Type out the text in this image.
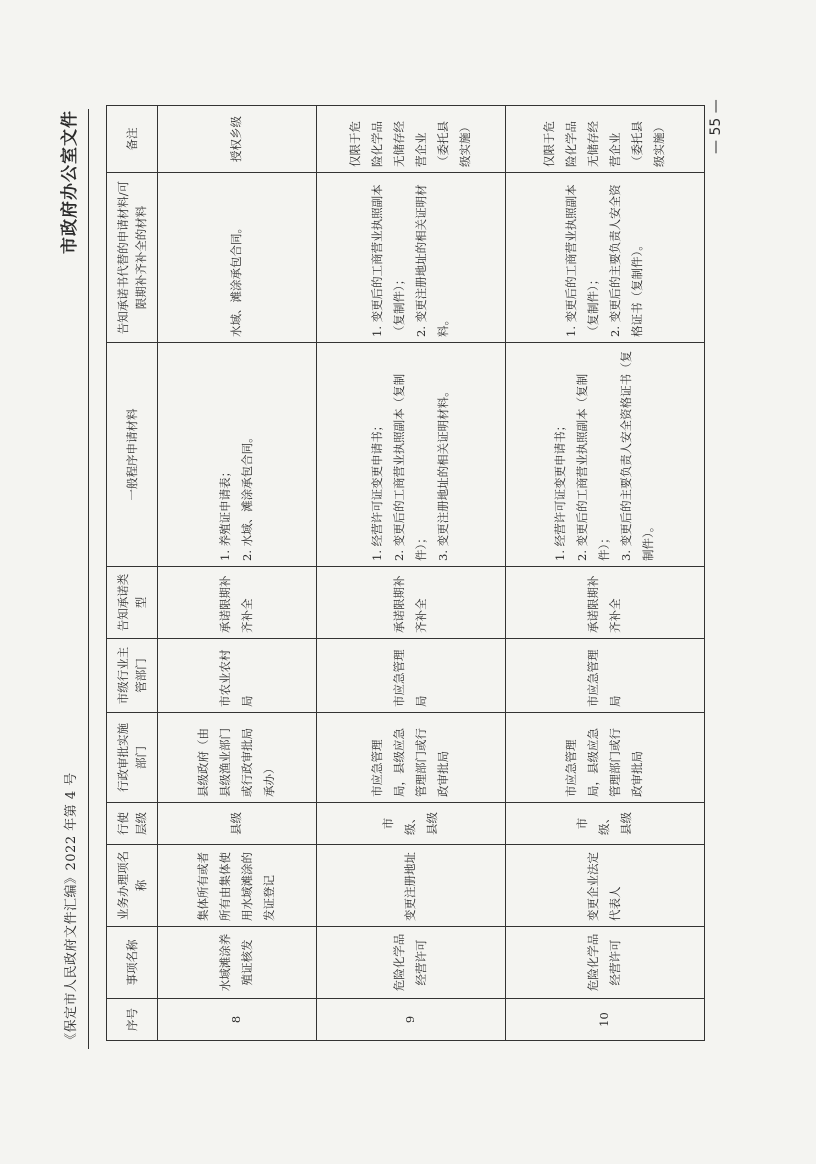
《保定市人民政府文件汇编》2022 年第 4 号
市政府办公室文件
序号	事项名称	业务办理项名称	行使层级	行政审批实施部门	市级行业主管部门	告知承诺类型	一般程序申请材料	告知承诺书代替的申请材料/可限期补齐补全的材料	备注
8	水域滩涂养殖证核发	集体所有或者所有由集体使用水域滩涂的发证登记	县级	县级政府（由县级渔业部门或行政审批局承办）	市农业农村局	承诺限期补齐补全	1. 养殖证申请表； 2. 水域、滩涂承包合同。	水域、滩涂承包合同。	授权乡级
9	危险化学品经营许可	变更注册地址	市级、县级	市应急管理局，县级应急管理部门或行政审批局	市应急管理局	承诺限期补齐补全	1. 经营许可证变更申请书； 2. 变更后的工商营业执照副本（复制件）； 3. 变更注册地址的相关证明材料。	1. 变更后的工商营业执照副本（复制件）； 2. 变更注册地址的相关证明材料。	仅限于危险化学品无储存经营企业（委托县级实施）
10	危险化学品经营许可	变更企业法定代表人	市级、县级	市应急管理局，县级应急管理部门或行政审批局	市应急管理局	承诺限期补齐补全	1. 经营许可证变更申请书； 2. 变更后的工商营业执照副本（复制件）； 3. 变更后的主要负责人安全资格证书（复制件）。	1. 变更后的工商营业执照副本（复制件）； 2. 变更后的主要负责人安全资格证书（复制件）。	仅限于危险化学品无储存经营企业（委托县级实施）	— 55 —
